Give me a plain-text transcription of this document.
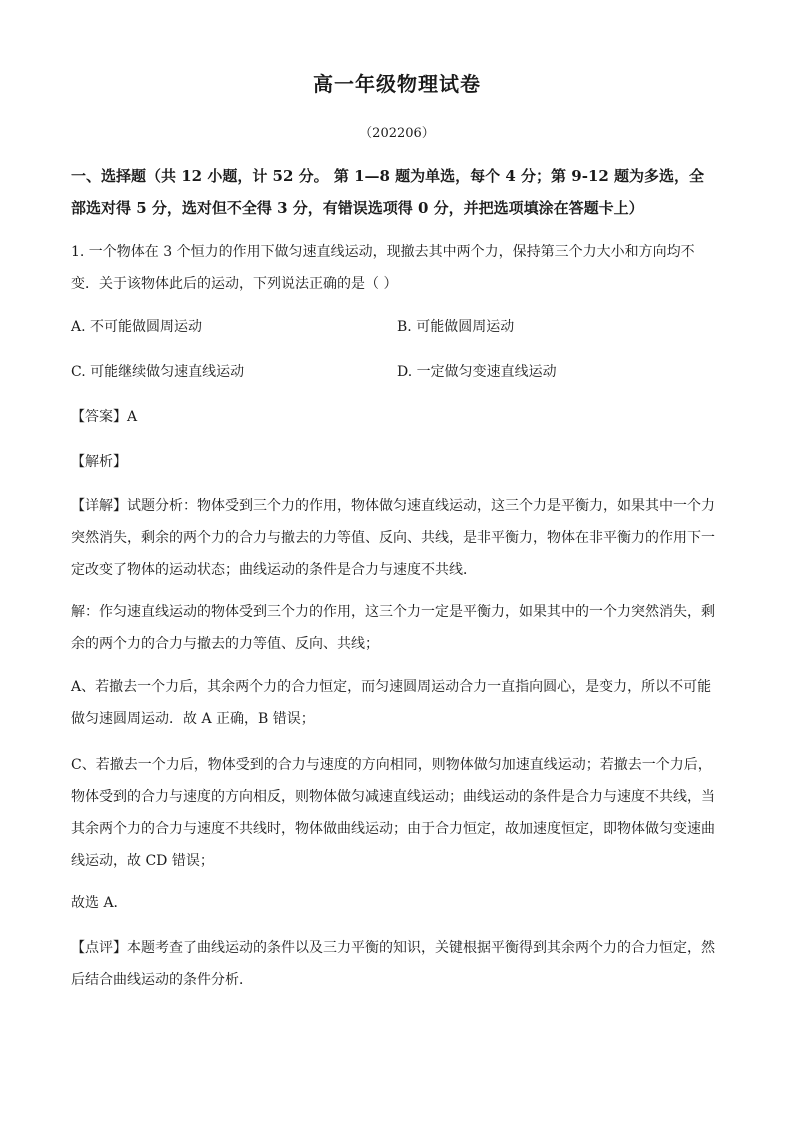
高一年级物理试卷
（202206）
一、选择题（共 12 小题，计 52 分。 第 1—8 题为单选，每个 4 分；第 9-12 题为多选，全
部选对得 5 分，选对但不全得 3 分，有错误选项得 0 分，并把选项填涂在答题卡上）
1. 一个物体在 3 个恒力的作用下做匀速直线运动，现撤去其中两个力，保持第三个力大小和方向均不
变．关于该物体此后的运动，下列说法正确的是（ ）
A. 不可能做圆周运动	B. 可能做圆周运动
C. 可能继续做匀速直线运动	D. 一定做匀变速直线运动
【答案】A
【解析】
【详解】试题分析：物体受到三个力的作用，物体做匀速直线运动，这三个力是平衡力，如果其中一个力
突然消失，剩余的两个力的合力与撤去的力等值、反向、共线，是非平衡力，物体在非平衡力的作用下一
定改变了物体的运动状态；曲线运动的条件是合力与速度不共线．
解：作匀速直线运动的物体受到三个力的作用，这三个力一定是平衡力，如果其中的一个力突然消失，剩
余的两个力的合力与撤去的力等值、反向、共线；
A、若撤去一个力后，其余两个力的合力恒定，而匀速圆周运动合力一直指向圆心，是变力，所以不可能
做匀速圆周运动．故 A 正确，B 错误；
C、若撤去一个力后，物体受到的合力与速度的方向相同，则物体做匀加速直线运动；若撤去一个力后，
物体受到的合力与速度的方向相反，则物体做匀减速直线运动；曲线运动的条件是合力与速度不共线，当
其余两个力的合力与速度不共线时，物体做曲线运动；由于合力恒定，故加速度恒定，即物体做匀变速曲
线运动，故 CD 错误；
故选 A．
【点评】本题考查了曲线运动的条件以及三力平衡的知识，关键根据平衡得到其余两个力的合力恒定，然
后结合曲线运动的条件分析．
